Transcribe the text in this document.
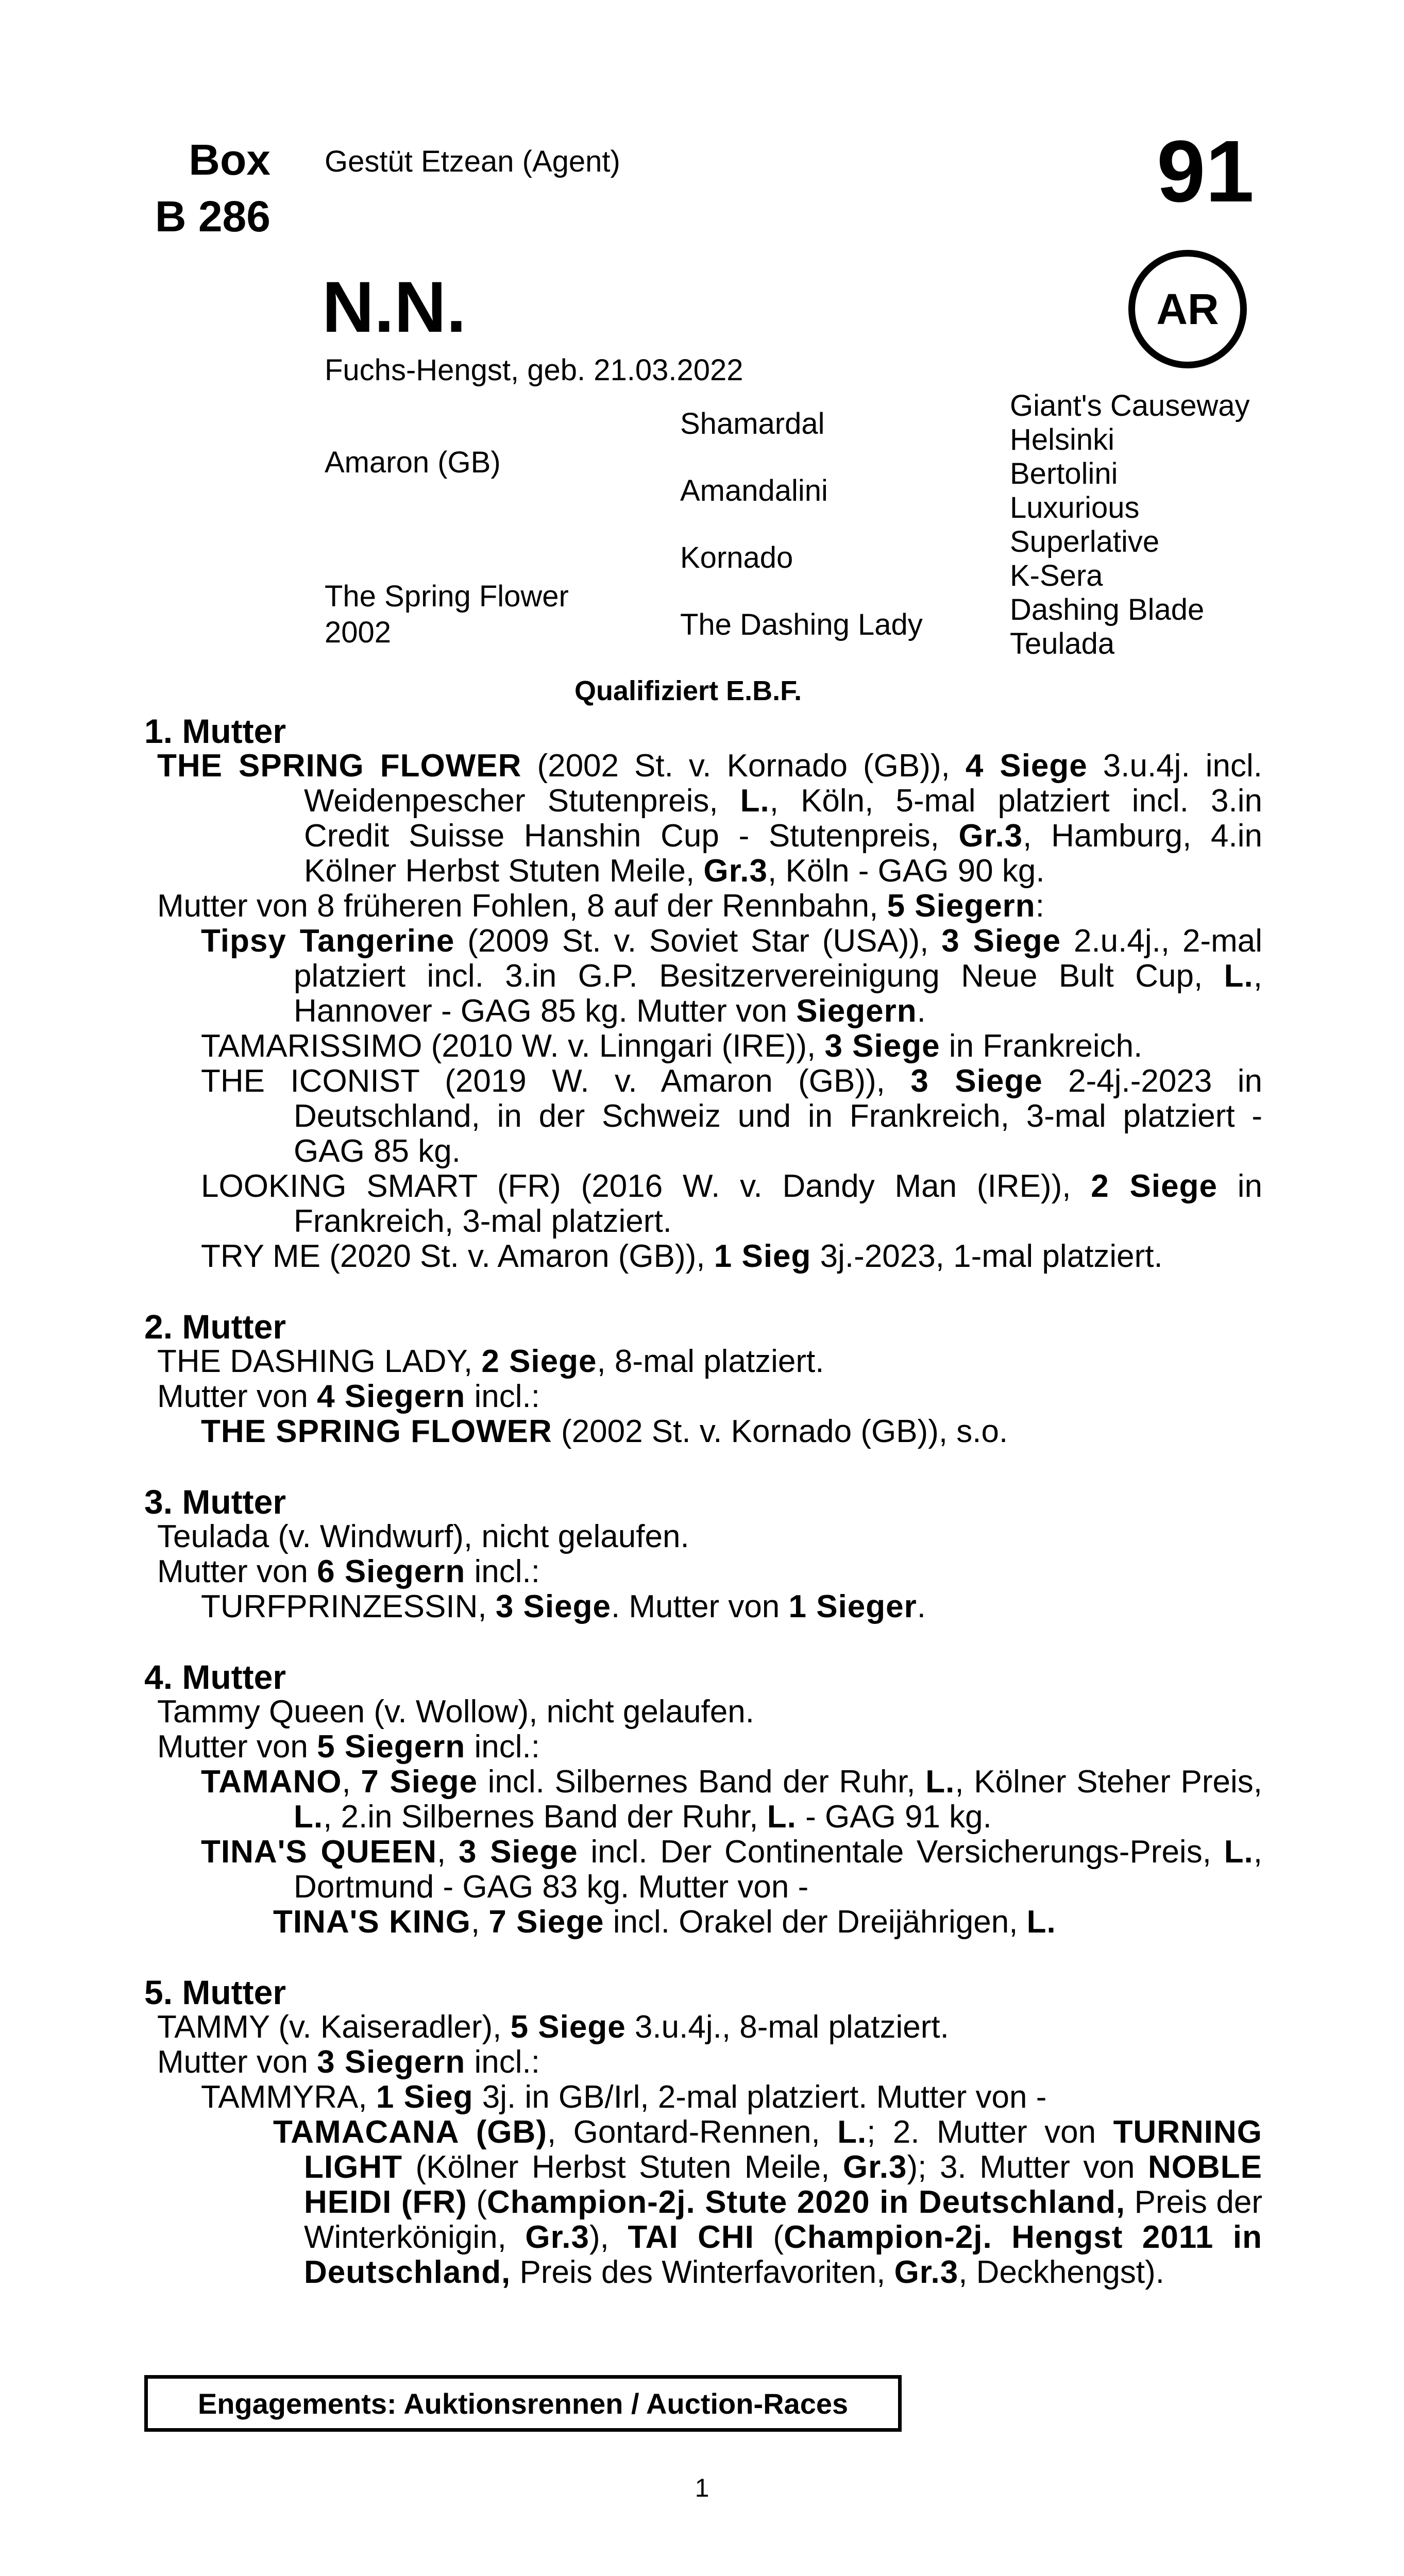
Box
B 286
Gestüt Etzean (Agent)	91
AR
N.N.
Fuchs-Hengst, geb. 21.03.2022
Amaron (GB)
The Spring Flower
2002
Shamardal
Amandalini
Kornado
The Dashing Lady
Giant's Causeway
Helsinki
Bertolini
Luxurious
Superlative
K-Sera
Dashing Blade
Teulada
Qualifiziert E.B.F.
1. Mutter
THE SPRING FLOWER (2002 St. v. Kornado (GB)), 4 Siege 3.u.4j. incl. Weidenpescher Stutenpreis, L., Köln, 5-mal platziert incl. 3.in Credit Suisse Hanshin Cup - Stutenpreis, Gr.3, Hamburg, 4.in Kölner Herbst Stuten Meile, Gr.3, Köln - GAG 90 kg.
Mutter von 8 früheren Fohlen, 8 auf der Rennbahn, 5 Siegern:
Tipsy Tangerine (2009 St. v. Soviet Star (USA)), 3 Siege 2.u.4j., 2-mal platziert incl. 3.in G.P. Besitzervereinigung Neue Bult Cup, L., Hannover - GAG 85 kg. Mutter von Siegern.
TAMARISSIMO (2010 W. v. Linngari (IRE)), 3 Siege in Frankreich.
THE ICONIST (2019 W. v. Amaron (GB)), 3 Siege 2-4j.-2023 in Deutschland, in der Schweiz und in Frankreich, 3-mal platziert - GAG 85 kg.
LOOKING SMART (FR) (2016 W. v. Dandy Man (IRE)), 2 Siege in Frankreich, 3-mal platziert.
TRY ME (2020 St. v. Amaron (GB)), 1 Sieg 3j.-2023, 1-mal platziert.
2. Mutter
THE DASHING LADY, 2 Siege, 8-mal platziert.
Mutter von 4 Siegern incl.:
THE SPRING FLOWER (2002 St. v. Kornado (GB)), s.o.
3. Mutter
Teulada (v. Windwurf), nicht gelaufen.
Mutter von 6 Siegern incl.:
TURFPRINZESSIN, 3 Siege. Mutter von 1 Sieger.
4. Mutter
Tammy Queen (v. Wollow), nicht gelaufen.
Mutter von 5 Siegern incl.:
TAMANO, 7 Siege incl. Silbernes Band der Ruhr, L., Kölner Steher Preis, L., 2.in Silbernes Band der Ruhr, L. - GAG 91 kg.
TINA'S QUEEN, 3 Siege incl. Der Continentale Versicherungs-Preis, L., Dortmund - GAG 83 kg. Mutter von -
TINA'S KING, 7 Siege incl. Orakel der Dreijährigen, L.
5. Mutter
TAMMY (v. Kaiseradler), 5 Siege 3.u.4j., 8-mal platziert.
Mutter von 3 Siegern incl.:
TAMMYRA, 1 Sieg 3j. in GB/Irl, 2-mal platziert. Mutter von -
TAMACANA (GB), Gontard-Rennen, L.; 2. Mutter von TURNING LIGHT (Kölner Herbst Stuten Meile, Gr.3); 3. Mutter von NOBLE HEIDI (FR) (Champion-2j. Stute 2020 in Deutschland, Preis der Winterkönigin, Gr.3), TAI CHI (Champion-2j. Hengst 2011 in Deutschland, Preis des Winterfavoriten, Gr.3, Deckhengst).
Engagements: Auktionsrennen / Auction-Races
1
